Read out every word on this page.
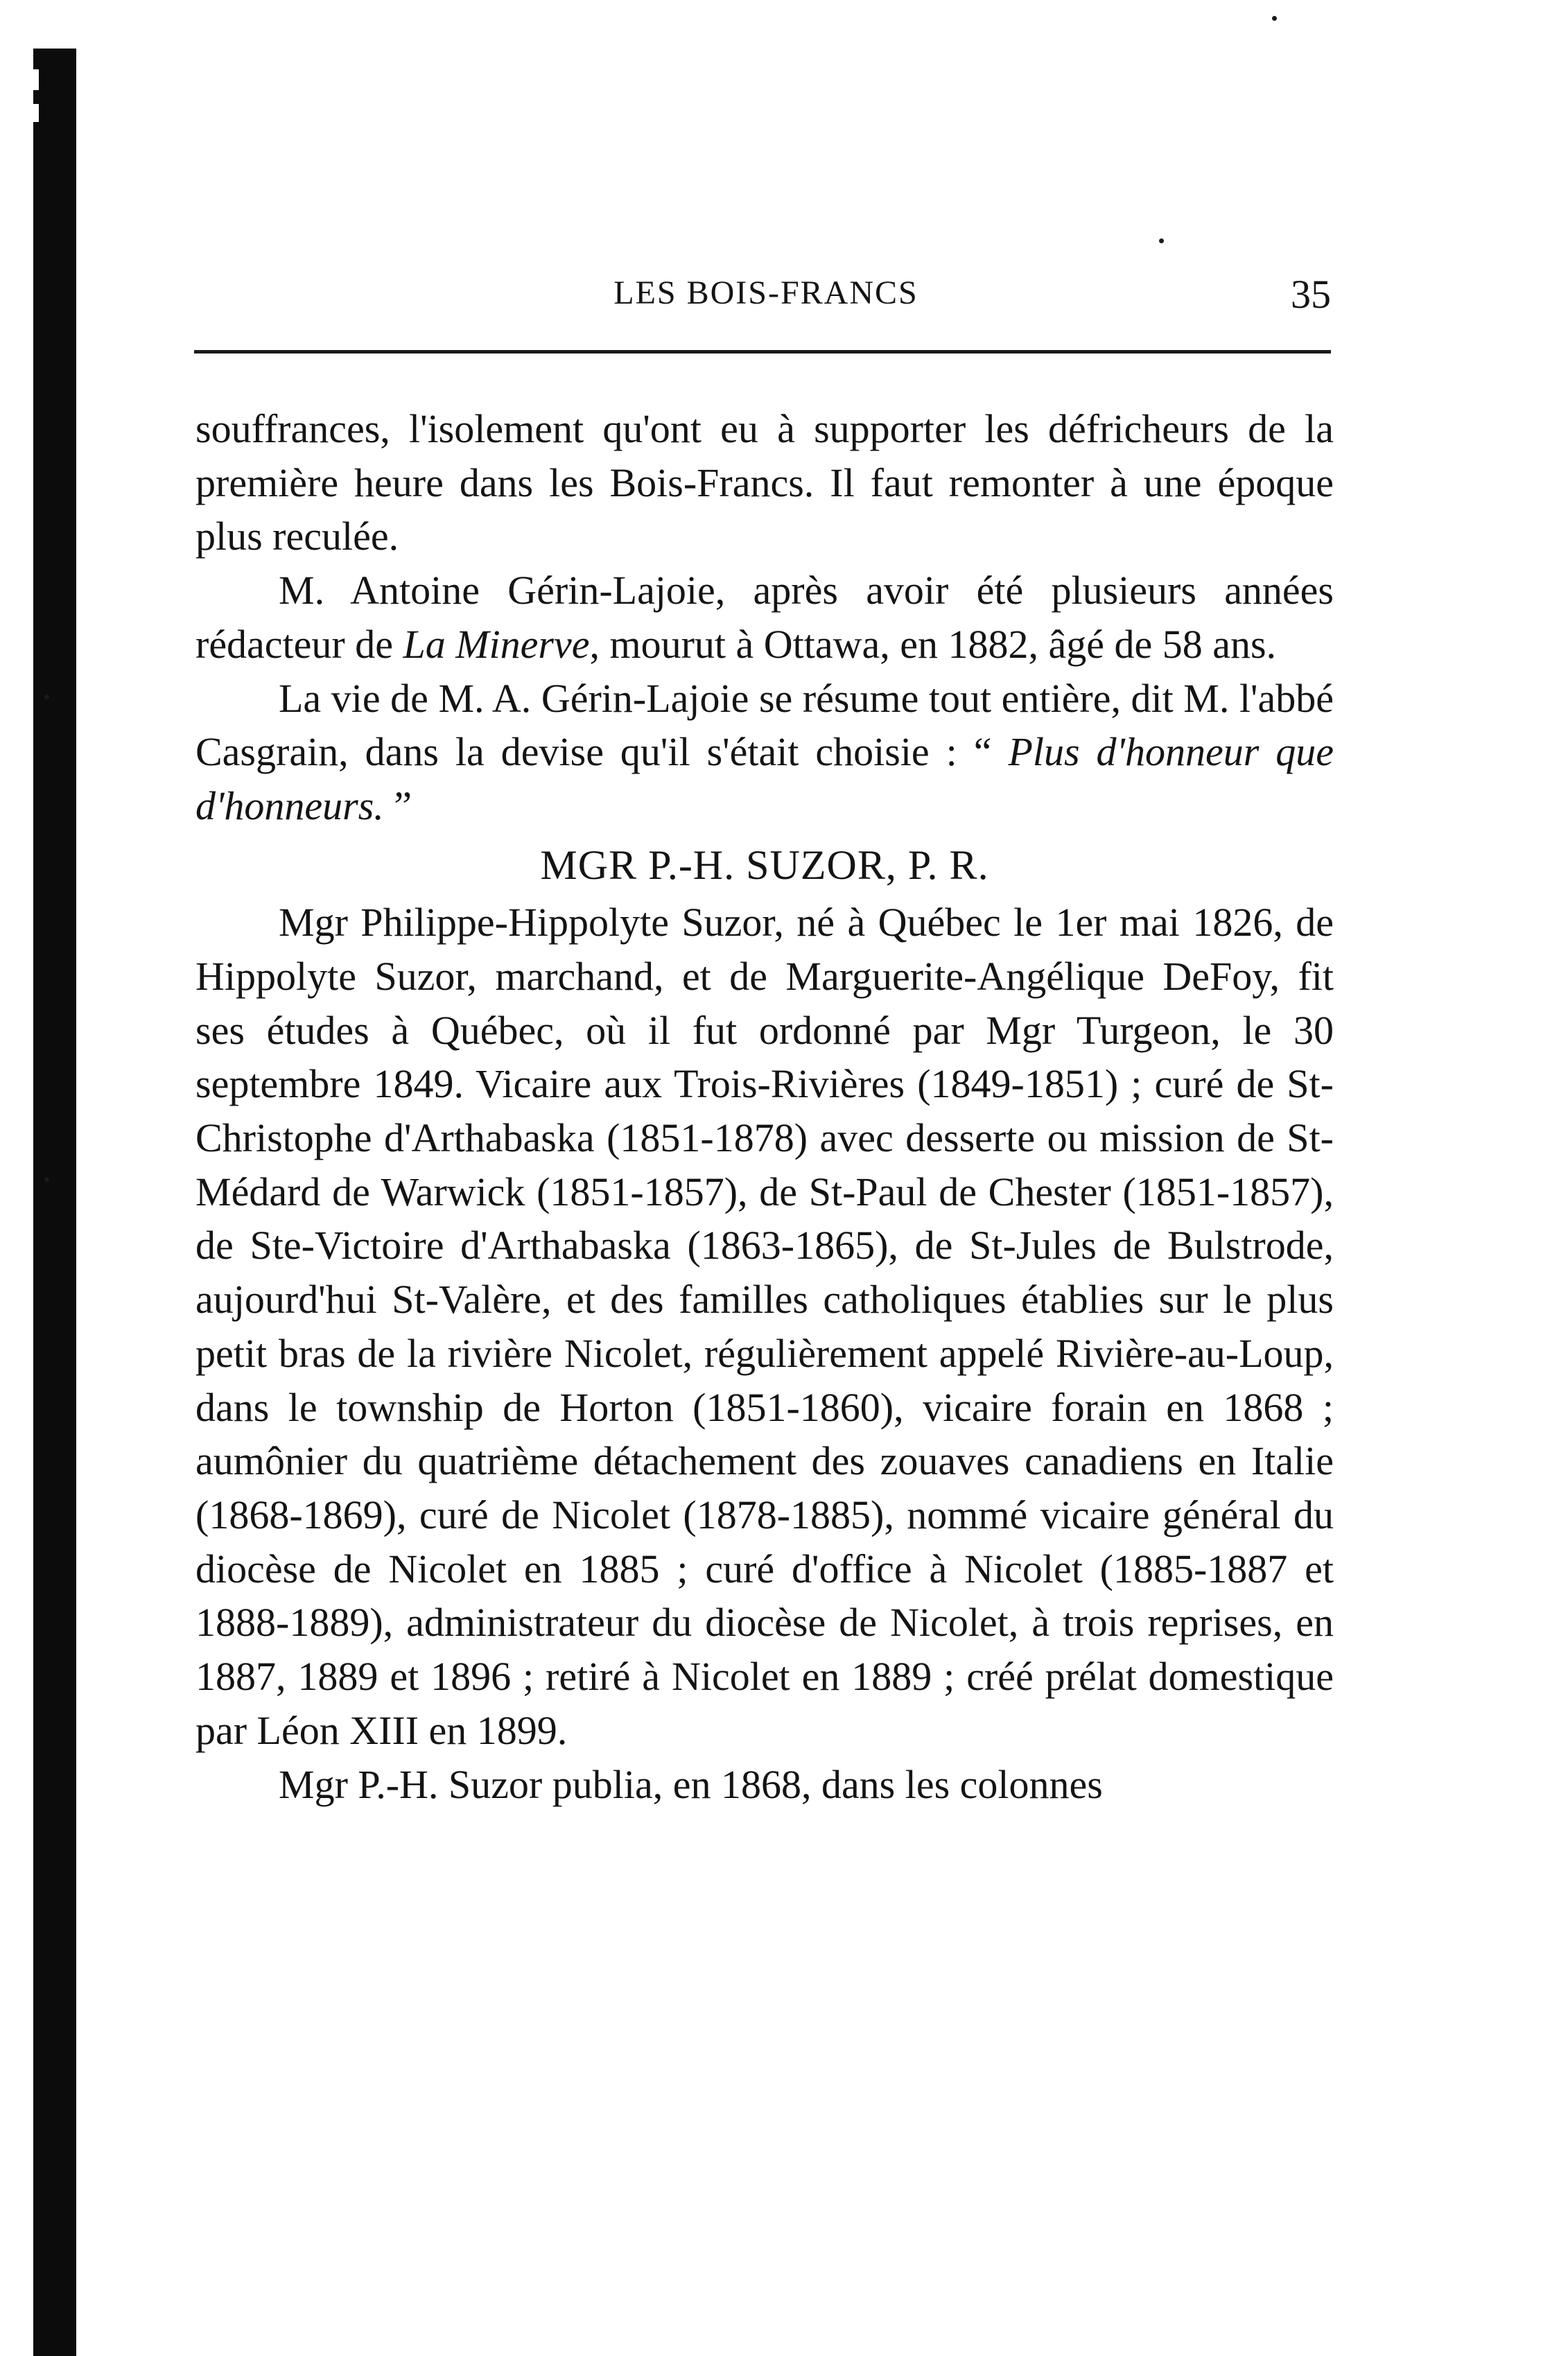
LES BOIS-FRANCS	35

souffrances, l'isolement qu'ont eu à supporter les défricheurs de la première heure dans les Bois-Francs. Il faut remonter à une époque plus reculée.

M. Antoine Gérin-Lajoie, après avoir été plusieurs années rédacteur de La Minerve, mourut à Ottawa, en 1882, âgé de 58 ans.

La vie de M. A. Gérin-Lajoie se résume tout entière, dit M. l'abbé Casgrain, dans la devise qu'il s'était choisie : “ Plus d'honneur que d'honneurs. ”

MGR P.-H. SUZOR, P. R.

Mgr Philippe-Hippolyte Suzor, né à Québec le 1er mai 1826, de Hippolyte Suzor, marchand, et de Marguerite-Angélique DeFoy, fit ses études à Québec, où il fut ordonné par Mgr Turgeon, le 30 septembre 1849. Vicaire aux Trois-Rivières (1849-1851) ; curé de St-Christophe d'Arthabaska (1851-1878) avec desserte ou mission de St-Médard de Warwick (1851-1857), de St-Paul de Chester (1851-1857), de Ste-Victoire d'Arthabaska (1863-1865), de St-Jules de Bulstrode, aujourd'hui St-Valère, et des familles catholiques établies sur le plus petit bras de la rivière Nicolet, régulièrement appelé Rivière-au-Loup, dans le township de Horton (1851-1860), vicaire forain en 1868 ; aumônier du quatrième détachement des zouaves canadiens en Italie (1868-1869), curé de Nicolet (1878-1885), nommé vicaire général du diocèse de Nicolet en 1885 ; curé d'office à Nicolet (1885-1887 et 1888-1889), administrateur du diocèse de Nicolet, à trois reprises, en 1887, 1889 et 1896 ; retiré à Nicolet en 1889 ; créé prélat domestique par Léon XIII en 1899.

Mgr P.-H. Suzor publia, en 1868, dans les colonnes
